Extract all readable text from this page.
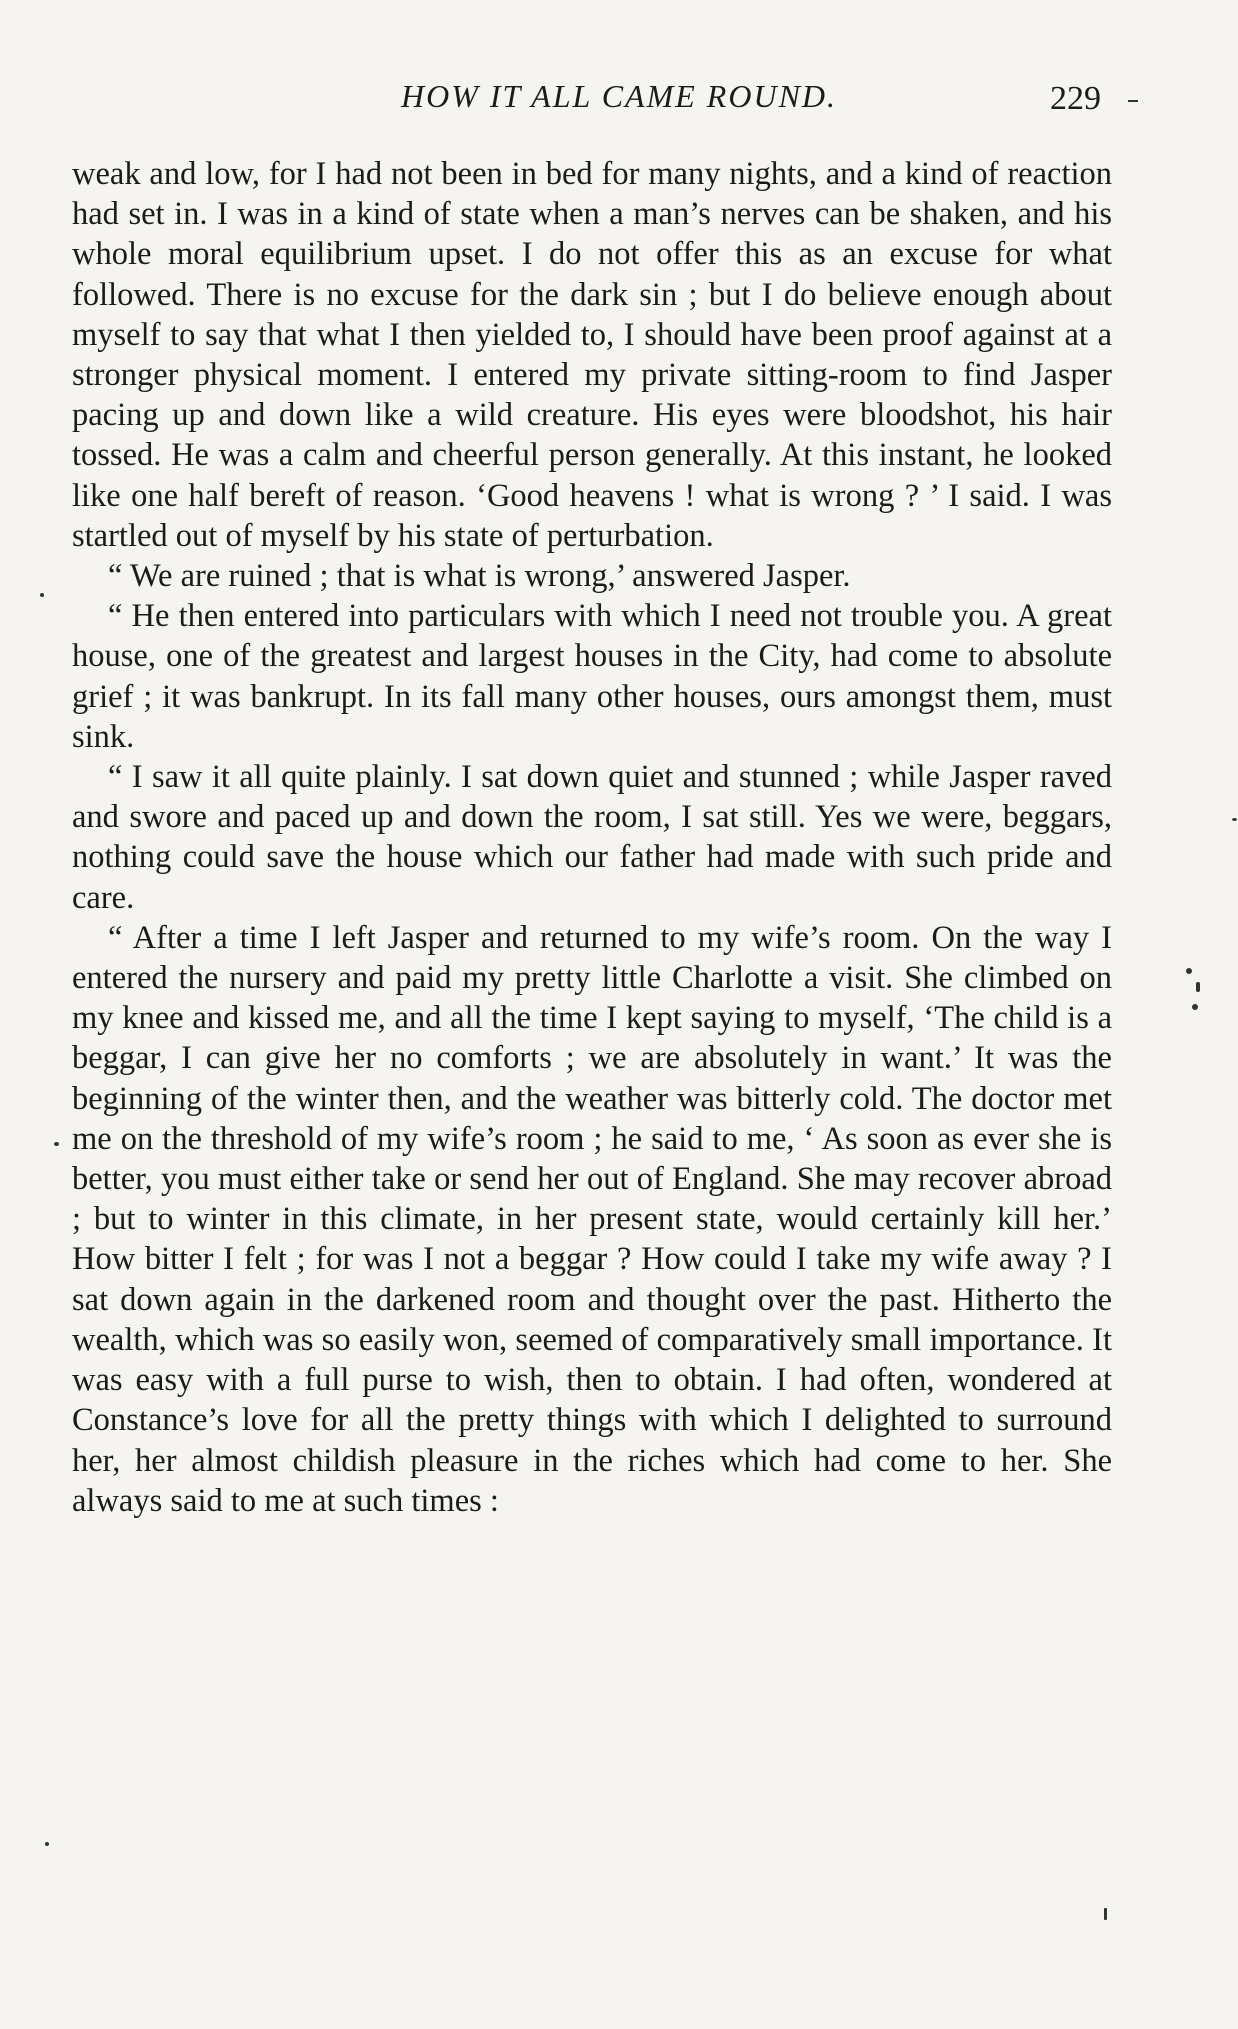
HOW IT ALL CAME ROUND.	229

weak and low, for I had not been in bed for many nights, and a kind of reaction had set in. I was in a kind of state when a man’s nerves can be shaken, and his whole moral equilibrium upset. I do not offer this as an excuse for what followed. There is no excuse for the dark sin ; but I do believe enough about myself to say that what I then yielded to, I should have been proof against at a stronger physical moment. I entered my private sitting-room to find Jasper pacing up and down like a wild creature. His eyes were bloodshot, his hair tossed. He was a calm and cheerful person generally. At this instant, he looked like one half bereft of reason. ‘Good heavens ! what is wrong ? ’ I said. I was startled out of myself by his state of perturbation.

“ We are ruined ; that is what is wrong,’ answered Jasper.

“ He then entered into particulars with which I need not trouble you. A great house, one of the greatest and largest houses in the City, had come to absolute grief ; it was bankrupt. In its fall many other houses, ours amongst them, must sink.

“ I saw it all quite plainly. I sat down quiet and stunned ; while Jasper raved and swore and paced up and down the room, I sat still. Yes we were, beggars, nothing could save the house which our father had made with such pride and care.

“ After a time I left Jasper and returned to my wife’s room. On the way I entered the nursery and paid my pretty little Charlotte a visit. She climbed on my knee and kissed me, and all the time I kept saying to myself, ‘The child is a beggar, I can give her no comforts ; we are absolutely in want.’ It was the beginning of the winter then, and the weather was bitterly cold. The doctor met me on the threshold of my wife’s room ; he said to me, ‘ As soon as ever she is better, you must either take or send her out of England. She may recover abroad ; but to winter in this climate, in her present state, would certainly kill her.’ How bitter I felt ; for was I not a beggar ? How could I take my wife away ? I sat down again in the darkened room and thought over the past. Hitherto the wealth, which was so easily won, seemed of comparatively small importance. It was easy with a full purse to wish, then to obtain. I had often, wondered at Constance’s love for all the pretty things with which I delighted to surround her, her almost childish pleasure in the riches which had come to her. She always said to me at such times :
